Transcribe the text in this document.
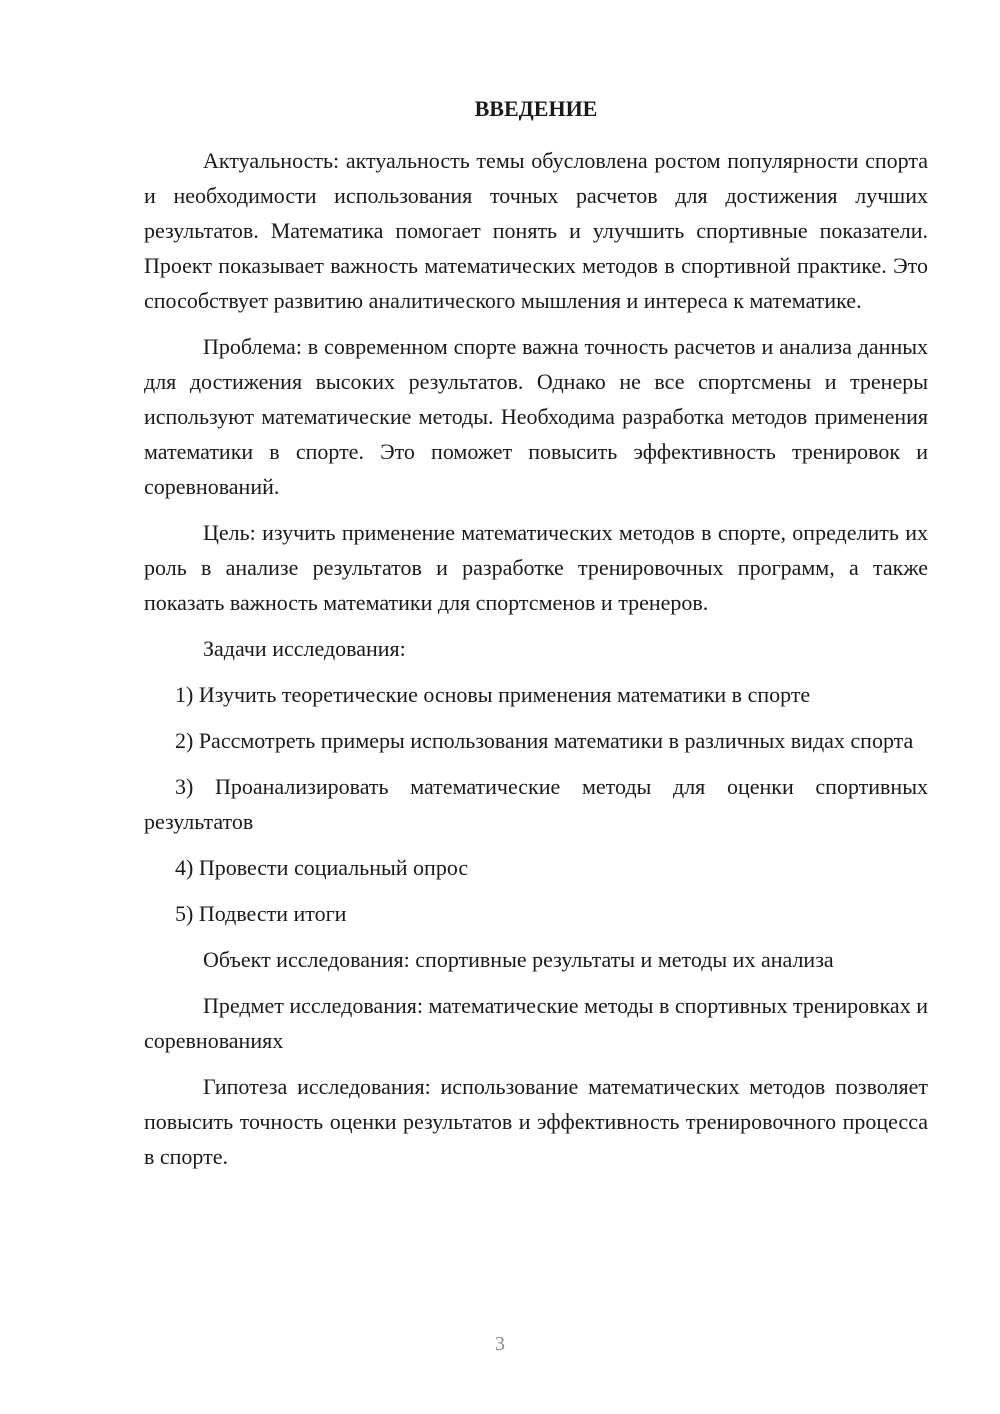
ВВЕДЕНИЕ

Актуальность: актуальность темы обусловлена ростом популярности спорта и необходимости использования точных расчетов для достижения лучших результатов. Математика помогает понять и улучшить спортивные показатели. Проект показывает важность математических методов в спортивной практике. Это способствует развитию аналитического мышления и интереса к математике.

Проблема: в современном спорте важна точность расчетов и анализа данных для достижения высоких результатов. Однако не все спортсмены и тренеры используют математические методы. Необходима разработка методов применения математики в спорте. Это поможет повысить эффективность тренировок и соревнований.

Цель: изучить применение математических методов в спорте, определить их роль в анализе результатов и разработке тренировочных программ, а также показать важность математики для спортсменов и тренеров.

Задачи исследования:

1) Изучить теоретические основы применения математики в спорте

2) Рассмотреть примеры использования математики в различных видах спорта

3) Проанализировать математические методы для оценки спортивных результатов

4) Провести социальный опрос

5) Подвести итоги

Объект исследования: спортивные результаты и методы их анализа

Предмет исследования: математические методы в спортивных тренировках и соревнованиях

Гипотеза исследования: использование математических методов позволяет повысить точность оценки результатов и эффективность тренировочного процесса в спорте.

3
